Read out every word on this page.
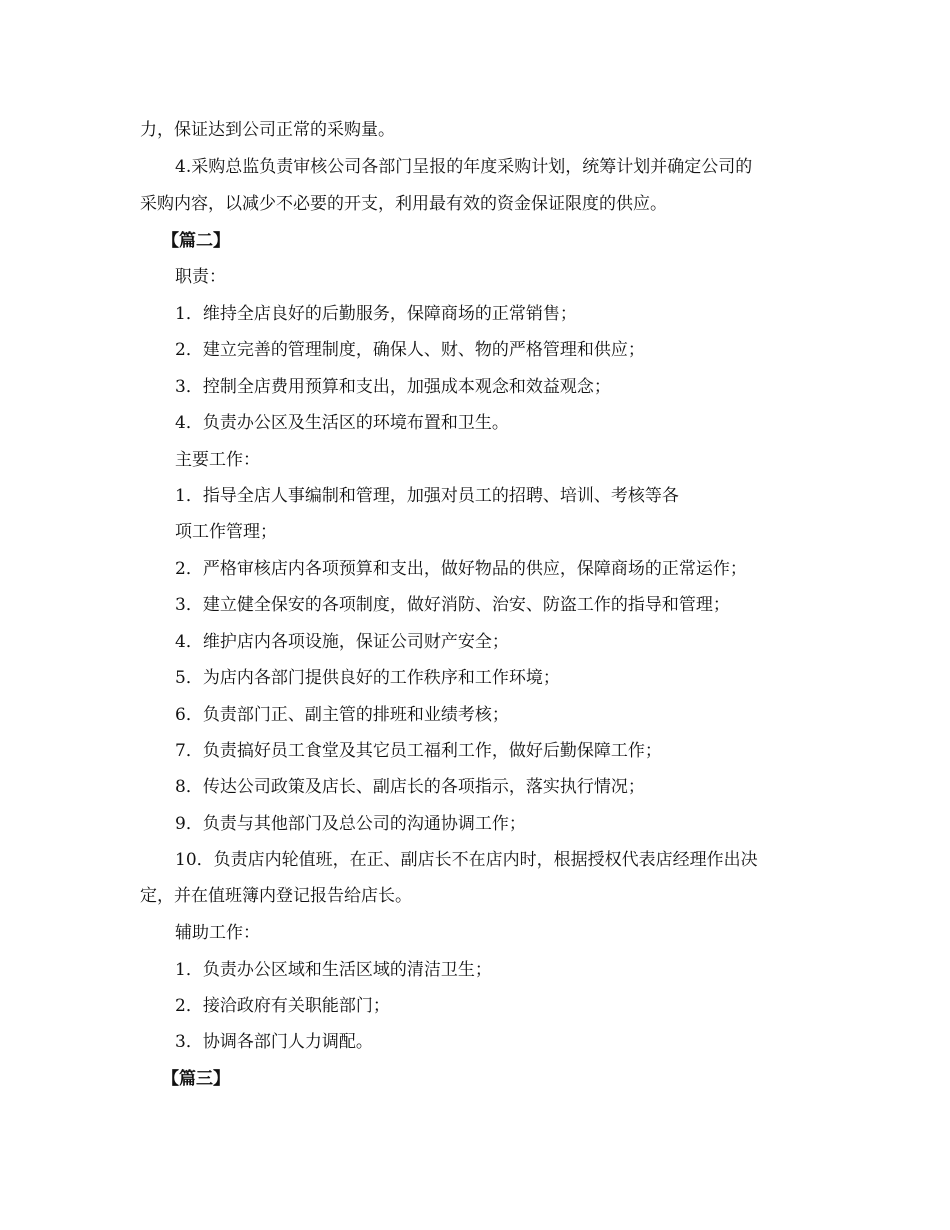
力，保证达到公司正常的采购量。
4.采购总监负责审核公司各部门呈报的年度采购计划，统筹计划并确定公司的
采购内容，以减少不必要的开支，利用最有效的资金保证限度的供应。
【篇二】
职责：
1．维持全店良好的后勤服务，保障商场的正常销售；
2．建立完善的管理制度，确保人、财、物的严格管理和供应；
3．控制全店费用预算和支出，加强成本观念和效益观念；
4．负责办公区及生活区的环境布置和卫生。
主要工作：
1．指导全店人事编制和管理，加强对员工的招聘、培训、考核等各
项工作管理；
2．严格审核店内各项预算和支出，做好物品的供应，保障商场的正常运作；
3．建立健全保安的各项制度，做好消防、治安、防盗工作的指导和管理；
4．维护店内各项设施，保证公司财产安全；
5．为店内各部门提供良好的工作秩序和工作环境；
6．负责部门正、副主管的排班和业绩考核；
7．负责搞好员工食堂及其它员工福利工作，做好后勤保障工作；
8．传达公司政策及店长、副店长的各项指示，落实执行情况；
9．负责与其他部门及总公司的沟通协调工作；
10．负责店内轮值班，在正、副店长不在店内时，根据授权代表店经理作出决
定，并在值班簿内登记报告给店长。
辅助工作：
1．负责办公区域和生活区域的清洁卫生；
2．接洽政府有关职能部门；
3．协调各部门人力调配。
【篇三】
